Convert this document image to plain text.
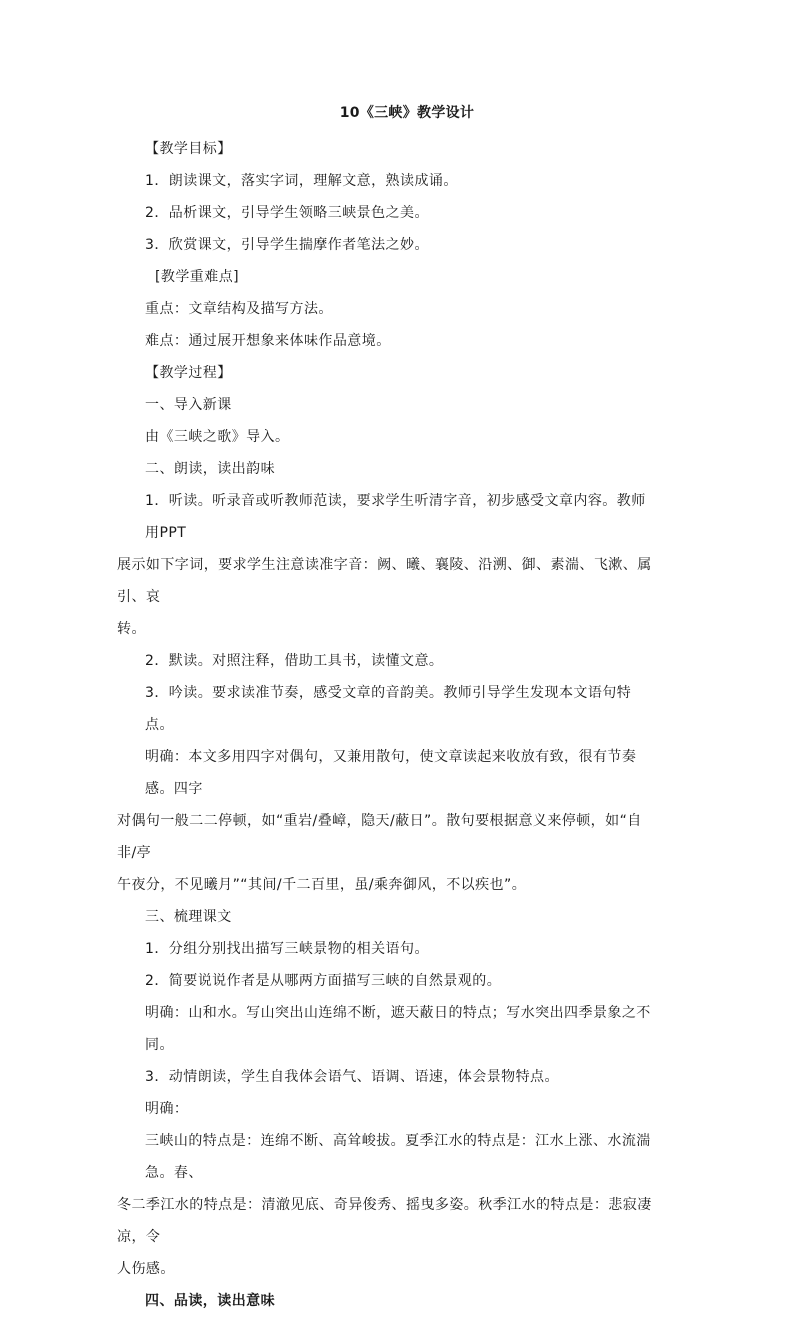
10《三峡》教学设计

【教学目标】

1．朗读课文，落实字词，理解文意，熟读成诵。

2．品析课文，引导学生领略三峡景色之美。

3．欣赏课文，引导学生揣摩作者笔法之妙。

[教学重难点]

重点：文章结构及描写方法。

难点：通过展开想象来体味作品意境。

【教学过程】

一、导入新课

由《三峡之歌》导入。

二、朗读，读出韵味

1．听读。听录音或听教师范读，要求学生听清字音，初步感受文章内容。教师用PPT

展示如下字词，要求学生注意读准字音：阙、曦、襄陵、沿溯、御、素湍、飞漱、属引、哀

转。

2．默读。对照注释，借助工具书，读懂文意。

3．吟读。要求读准节奏，感受文章的音韵美。教师引导学生发现本文语句特点。

明确：本文多用四字对偶句，又兼用散句，使文章读起来收放有致，很有节奏感。四字

对偶句一般二二停顿，如“重岩/叠嶂，隐天/蔽日”。散句要根据意义来停顿，如“自非/亭

午夜分，不见曦月”“其间/千二百里，虽/乘奔御风，不以疾也”。

三、梳理课文

1．分组分别找出描写三峡景物的相关语句。

2．简要说说作者是从哪两方面描写三峡的自然景观的。

明确：山和水。写山突出山连绵不断，遮天蔽日的特点；写水突出四季景象之不同。

3．动情朗读，学生自我体会语气、语调、语速，体会景物特点。

明确：

三峡山的特点是：连绵不断、高耸峻拔。夏季江水的特点是：江水上涨、水流湍急。春、

冬二季江水的特点是：清澈见底、奇异俊秀、摇曳多姿。秋季江水的特点是：悲寂凄凉，令

人伤感。

四、品读，读出意味
